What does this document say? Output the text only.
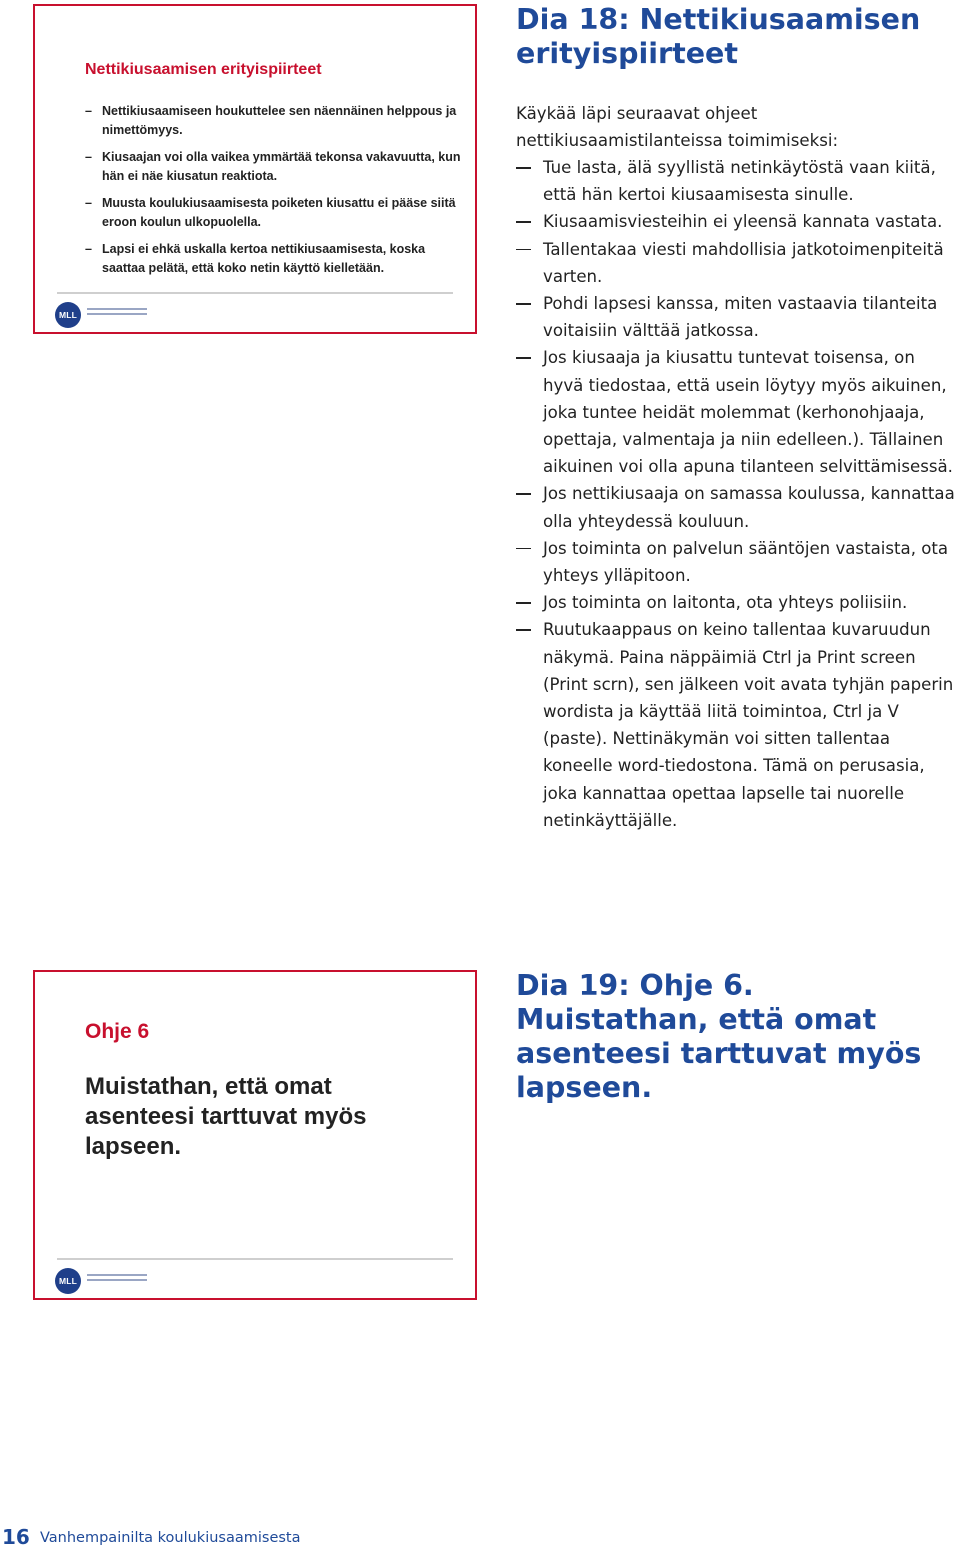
Nettikiusaamisen erityispiirteet
– Nettikiusaamiseen houkuttelee sen näennäinen helppous ja nimettömyys.
– Kiusaajan voi olla vaikea ymmärtää tekonsa vakavuutta, kun hän ei näe kiusatun reaktiota.
– Muusta koulukiusaamisesta poiketen kiusattu ei pääse siitä eroon koulun ulkopuolella.
– Lapsi ei ehkä uskalla kertoa nettikiusaamisesta, koska saattaa pelätä, että koko netin käyttö kielletään.
MLL
Dia 18: Nettikiusaamisen erityispiirteet
Käykää läpi seuraavat ohjeet nettikiusaamistilanteissa toimimiseksi:
Tue lasta, älä syyllistä netinkäytöstä vaan kiitä, että hän kertoi kiusaamisesta sinulle.
Kiusaamisviesteihin ei yleensä kannata vastata.
Tallentakaa viesti mahdollisia jatkotoimenpiteitä varten.
Pohdi lapsesi kanssa, miten vastaavia tilanteita voitaisiin välttää jatkossa.
Jos kiusaaja ja kiusattu tuntevat toisensa, on hyvä tiedostaa, että usein löytyy myös aikuinen, joka tuntee heidät molemmat (kerhonohjaaja, opettaja, valmentaja ja niin edelleen.). Tällainen aikuinen voi olla apuna tilanteen selvittämisessä.
Jos nettikiusaaja on samassa koulussa, kannattaa olla yhteydessä kouluun.
Jos toiminta on palvelun sääntöjen vastaista, ota yhteys ylläpitoon.
Jos toiminta on laitonta, ota yhteys poliisiin.
Ruutukaappaus on keino tallentaa kuvaruudun näkymä. Paina näppäimiä Ctrl ja Print screen (Print scrn), sen jälkeen voit avata tyhjän paperin wordista ja käyttää liitä toimintoa, Ctrl ja V (paste). Nettinäkymän voi sitten tallentaa koneelle word-tiedostona. Tämä on perusasia, joka kannattaa opettaa lapselle tai nuorelle netinkäyttäjälle.
Ohje 6
Muistathan, että omat asenteesi tarttuvat myös lapseen.
MLL
Dia 19: Ohje 6. Muistathan, että omat asenteesi tarttuvat myös lapseen.
16 Vanhempainilta koulukiusaamisesta
